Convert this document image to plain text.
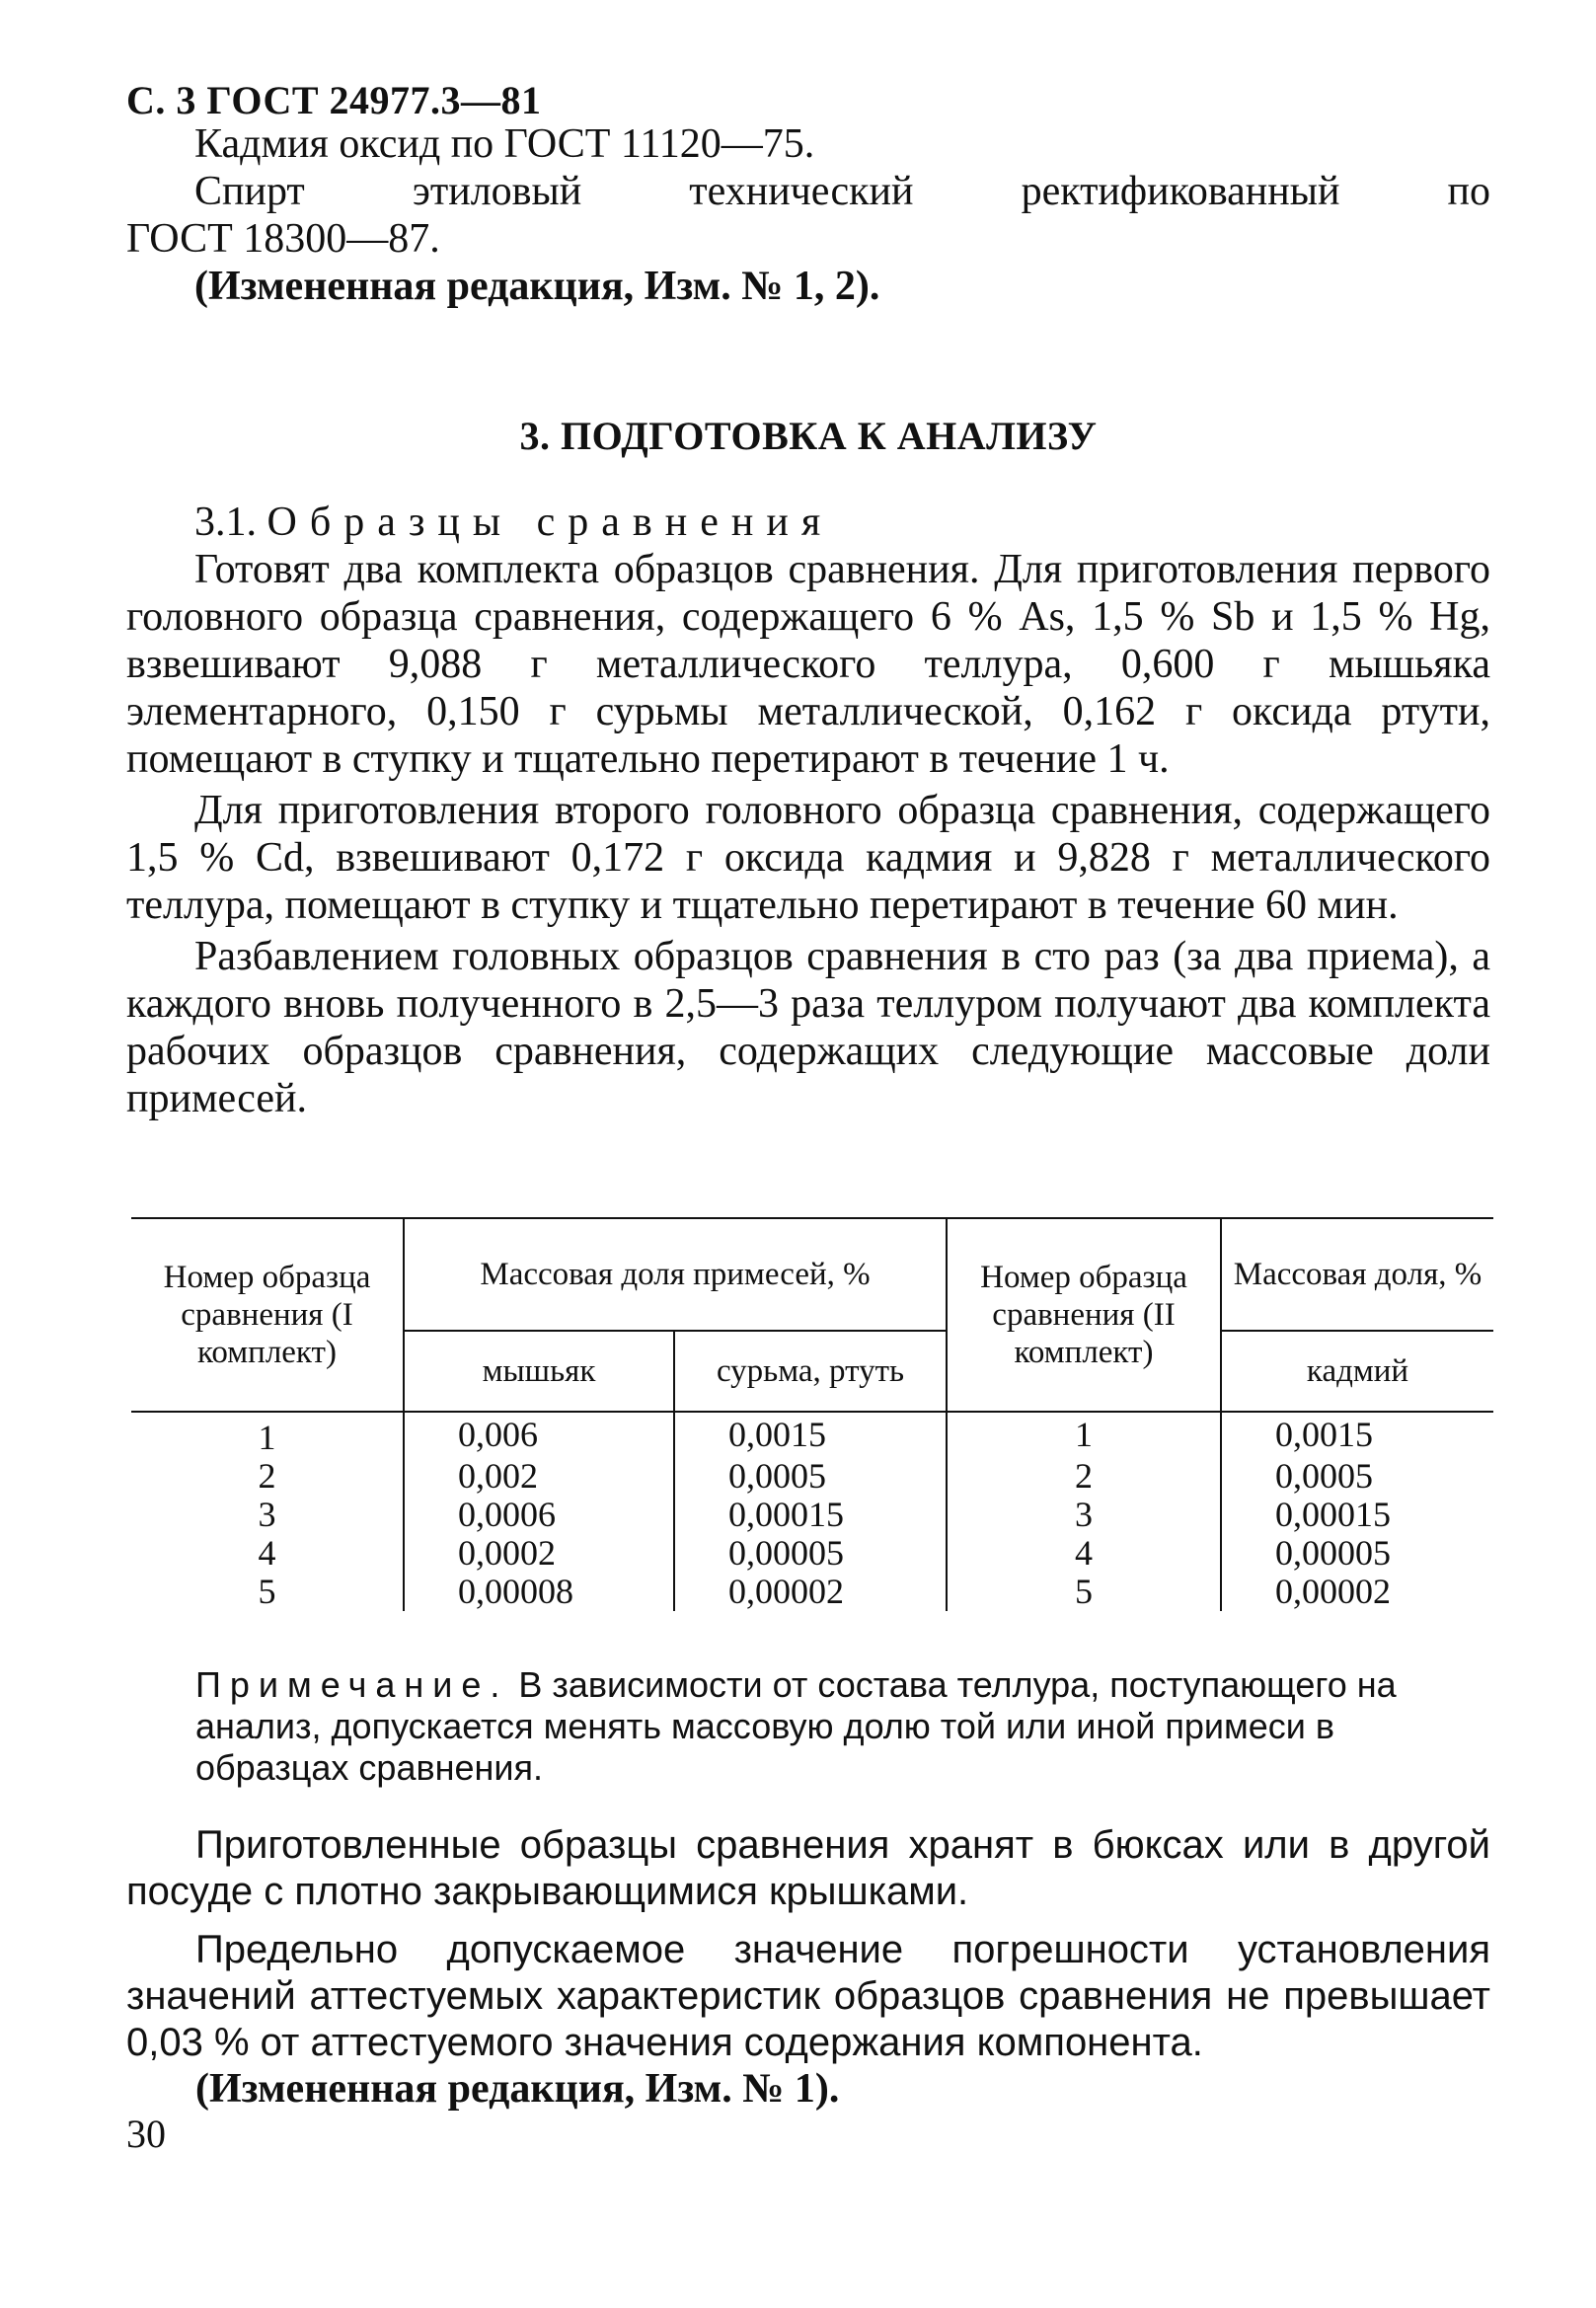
С. 3 ГОСТ 24977.3—81

Кадмия оксид по ГОСТ 11120—75.

Спирт этиловый технический ректификованный по

ГОСТ 18300—87.

(Измененная редакция, Изм. № 1, 2).

3. ПОДГОТОВКА К АНАЛИЗУ

3.1. Образцы сравнения

Готовят два комплекта образцов сравнения. Для приготовления первого головного образца сравнения, содержащего 6 % As, 1,5 % Sb и 1,5 % Hg, взвешивают 9,088 г металлического теллура, 0,600 г мышьяка элементарного, 0,150 г сурьмы металлической, 0,162 г оксида ртути, помещают в ступку и тщательно перетирают в течение 1 ч.

Для приготовления второго головного образца сравнения, содержащего 1,5 % Cd, взвешивают 0,172 г оксида кадмия и 9,828 г металлического теллура, помещают в ступку и тщательно перетирают в течение 60 мин.

Разбавлением головных образцов сравнения в сто раз (за два приема), а каждого вновь полученного в 2,5—3 раза теллуром получают два комплекта рабочих образцов сравнения, содержащих следующие массовые доли примесей.

Номер образца сравнения (I комплект)	Массовая доля примесей, %		Номер образца сравнения (II комплект)	Массовая доля, %
	мышьяк	сурьма, ртуть		кадмий
1	0,006	0,0015	1	0,0015
2	0,002	0,0005	2	0,0005
3	0,0006	0,00015	3	0,00015
4	0,0002	0,00005	4	0,00005
5	0,00008	0,00002	5	0,00002
Примечание. В зависимости от состава теллура, поступающего на анализ, допускается менять массовую долю той или иной примеси в образцах сравнения.

Приготовленные образцы сравнения хранят в бюксах или в другой посуде с плотно закрывающимися крышками.

Предельно допускаемое значение погрешности установления значений аттестуемых характеристик образцов сравнения не превышает 0,03 % от аттестуемого значения содержания компонента.

(Измененная редакция, Изм. № 1).

30
